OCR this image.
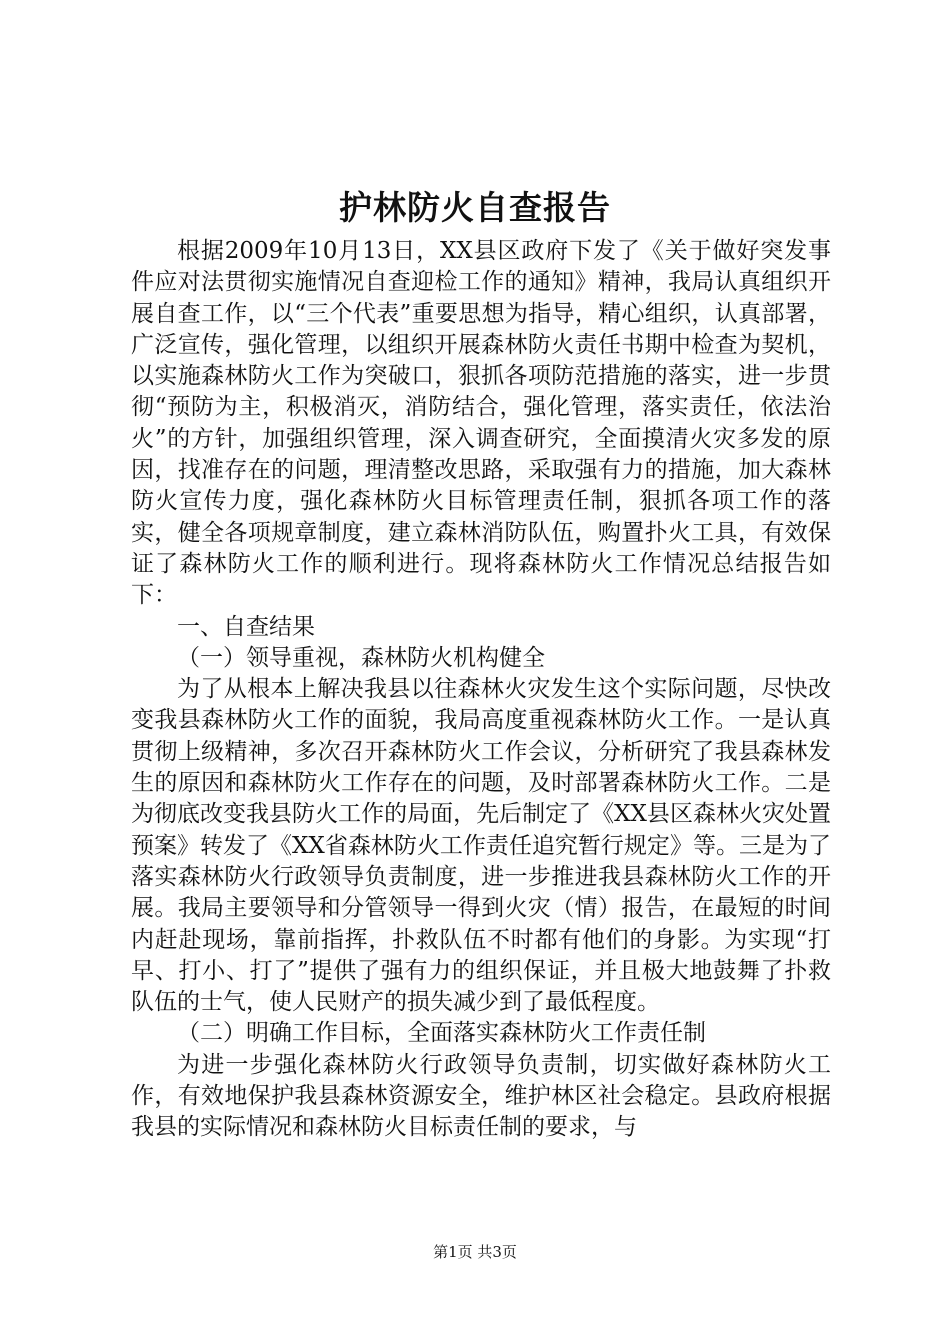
护林防火自查报告

根据2009年10月13日，XX县区政府下发了《关于做好突发事件应对法贯彻实施情况自查迎检工作的通知》精神，我局认真组织开展自查工作，以“三个代表”重要思想为指导，精心组织，认真部署，广泛宣传，强化管理，以组织开展森林防火责任书期中检查为契机，以实施森林防火工作为突破口，狠抓各项防范措施的落实，进一步贯彻“预防为主，积极消灭，消防结合，强化管理，落实责任，依法治火”的方针，加强组织管理，深入调查研究，全面摸清火灾多发的原因，找准存在的问题，理清整改思路，采取强有力的措施，加大森林防火宣传力度，强化森林防火目标管理责任制，狠抓各项工作的落实，健全各项规章制度，建立森林消防队伍，购置扑火工具，有效保证了森林防火工作的顺利进行。现将森林防火工作情况总结报告如下：

一、自查结果

（一）领导重视，森林防火机构健全

为了从根本上解决我县以往森林火灾发生这个实际问题，尽快改变我县森林防火工作的面貌，我局高度重视森林防火工作。一是认真贯彻上级精神，多次召开森林防火工作会议，分析研究了我县森林发生的原因和森林防火工作存在的问题，及时部署森林防火工作。二是为彻底改变我县防火工作的局面，先后制定了《XX县区森林火灾处置预案》转发了《XX省森林防火工作责任追究暂行规定》等。三是为了落实森林防火行政领导负责制度，进一步推进我县森林防火工作的开展。我局主要领导和分管领导一得到火灾（情）报告，在最短的时间内赶赴现场，靠前指挥，扑救队伍不时都有他们的身影。为实现“打早、打小、打了”提供了强有力的组织保证，并且极大地鼓舞了扑救队伍的士气，使人民财产的损失减少到了最低程度。

（二）明确工作目标，全面落实森林防火工作责任制

为进一步强化森林防火行政领导负责制，切实做好森林防火工作，有效地保护我县森林资源安全，维护林区社会稳定。县政府根据我县的实际情况和森林防火目标责任制的要求，与

第1页 共3页
